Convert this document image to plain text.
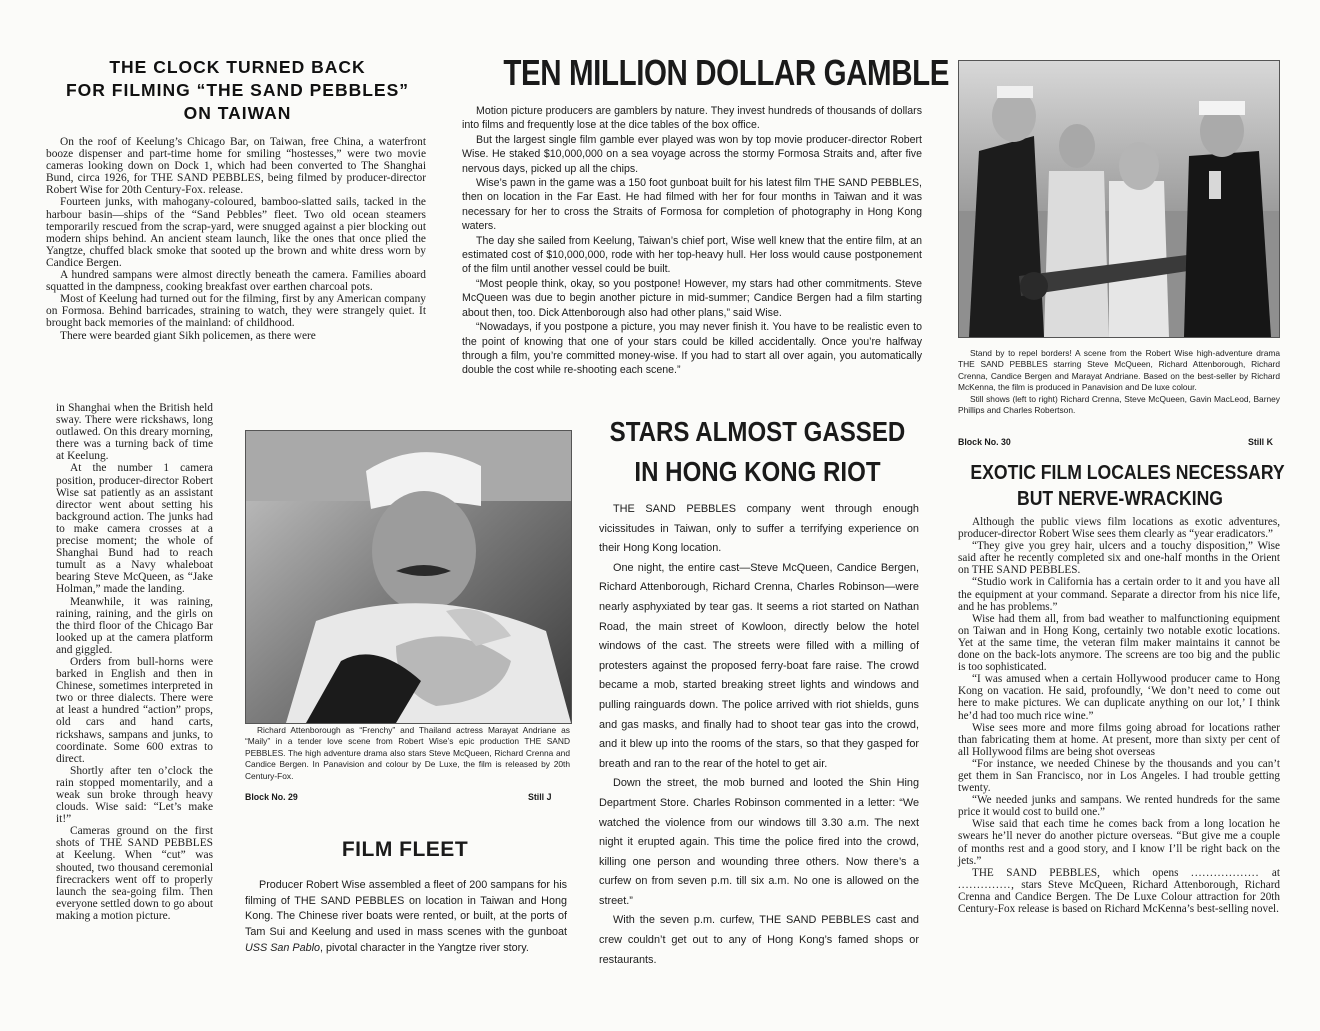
THE CLOCK TURNED BACK
FOR FILMING “THE SAND PEBBLES”
ON TAIWAN

On the roof of Keelung’s Chicago Bar, on Taiwan, free China, a waterfront booze dispenser and part-time home for smiling “hostesses,” were two movie cameras looking down on Dock 1, which had been converted to The Shanghai Bund, circa 1926, for THE SAND PEBBLES, being filmed by producer-director Robert Wise for 20th Century-Fox. release.

Fourteen junks, with mahogany-coloured, bamboo-slatted sails, tacked in the harbour basin—ships of the “Sand Pebbles” fleet. Two old ocean steamers temporarily rescued from the scrap-yard, were snugged against a pier blocking out modern ships behind. An ancient steam launch, like the ones that once plied the Yangtze, chuffed black smoke that sooted up the brown and white dress worn by Candice Bergen.

A hundred sampans were almost directly beneath the camera. Families aboard squatted in the dampness, cooking breakfast over earthen charcoal pots.

Most of Keelung had turned out for the filming, first by any American company on Formosa. Behind barricades, straining to watch, they were strangely quiet. It brought back memories of the mainland: of childhood.

There were bearded giant Sikh policemen, as there were

in Shanghai when the British held sway. There were rickshaws, long outlawed. On this dreary morning, there was a turning back of time at Keelung.

At the number 1 camera position, producer-director Robert Wise sat patiently as an assistant director went about setting his background action. The junks had to make camera crosses at a precise moment; the whole of Shanghai Bund had to reach tumult as a Navy whaleboat bearing Steve McQueen, as “Jake Holman,” made the landing.

Meanwhile, it was raining, raining, raining, and the girls on the third floor of the Chicago Bar looked up at the camera platform and giggled.

Orders from bull-horns were barked in English and then in Chinese, sometimes interpreted in two or three dialects. There were at least a hundred “action” props, old cars and hand carts, rickshaws, sampans and junks, to coordinate. Some 600 extras to direct.

Shortly after ten o’clock the rain stopped momentarily, and a weak sun broke through heavy clouds. Wise said: “Let’s make it!”

Cameras ground on the first shots of THE SAND PEBBLES at Keelung. When “cut” was shouted, two thousand ceremonial firecrackers went off to properly launch the sea-going film. Then everyone settled down to go about making a motion picture.

Richard Attenborough as “Frenchy” and Thailand actress Marayat Andriane as “Maily” in a tender love scene from Robert Wise’s epic production THE SAND PEBBLES. The high adventure drama also stars Steve McQueen, Richard Crenna and Candice Bergen. In Panavision and colour by De Luxe, the film is released by 20th Century-Fox.

Block No. 29	Still J
FILM FLEET

Producer Robert Wise assembled a fleet of 200 sampans for his filming of THE SAND PEBBLES on location in Taiwan and Hong Kong. The Chinese river boats were rented, or built, at the ports of Tam Sui and Keelung and used in mass scenes with the gunboat USS San Pablo, pivotal character in the Yangtze river story.

TEN MILLION DOLLAR GAMBLE

Motion picture producers are gamblers by nature. They invest hundreds of thousands of dollars into films and frequently lose at the dice tables of the box office.

But the largest single film gamble ever played was won by top movie producer-director Robert Wise. He staked $10,000,000 on a sea voyage across the stormy Formosa Straits and, after five nervous days, picked up all the chips.

Wise’s pawn in the game was a 150 foot gunboat built for his latest film THE SAND PEBBLES, then on location in the Far East. He had filmed with her for four months in Taiwan and it was necessary for her to cross the Straits of Formosa for completion of photography in Hong Kong waters.

The day she sailed from Keelung, Taiwan’s chief port, Wise well knew that the entire film, at an estimated cost of $10,000,000, rode with her top-heavy hull. Her loss would cause postponement of the film until another vessel could be built.

“Most people think, okay, so you postpone! However, my stars had other commitments. Steve McQueen was due to begin another picture in mid-summer; Candice Bergen had a film starting about then, too. Dick Attenborough also had other plans,” said Wise.

“Nowadays, if you postpone a picture, you may never finish it. You have to be realistic even to the point of knowing that one of your stars could be killed accidentally. Once you’re halfway through a film, you’re committed money-wise. If you had to start all over again, you automatically double the cost while re-shooting each scene.”

STARS ALMOST GASSED
IN HONG KONG RIOT

THE SAND PEBBLES company went through enough vicissitudes in Taiwan, only to suffer a terrifying experience on their Hong Kong location.

One night, the entire cast—Steve McQueen, Candice Bergen, Richard Attenborough, Richard Crenna, Charles Robinson—were nearly asphyxiated by tear gas. It seems a riot started on Nathan Road, the main street of Kowloon, directly below the hotel windows of the cast. The streets were filled with a milling of protesters against the proposed ferry-boat fare raise. The crowd became a mob, started breaking street lights and windows and pulling rainguards down. The police arrived with riot shields, guns and gas masks, and finally had to shoot tear gas into the crowd, and it blew up into the rooms of the stars, so that they gasped for breath and ran to the rear of the hotel to get air.

Down the street, the mob burned and looted the Shin Hing Department Store. Charles Robinson commented in a letter: “We watched the violence from our windows till 3.30 a.m. The next night it erupted again. This time the police fired into the crowd, killing one person and wounding three others. Now there’s a curfew on from seven p.m. till six a.m. No one is allowed on the street.”

With the seven p.m. curfew, THE SAND PEBBLES cast and crew couldn’t get out to any of Hong Kong’s famed shops or restaurants.

Stand by to repel borders! A scene from the Robert Wise high-adventure drama THE SAND PEBBLES starring Steve McQueen, Richard Attenborough, Richard Crenna, Candice Bergen and Marayat Andriane. Based on the best-seller by Richard McKenna, the film is produced in Panavision and De luxe colour.

Still shows (left to right) Richard Crenna, Steve McQueen, Gavin MacLeod, Barney Phillips and Charles Robertson.

Block No. 30	Still K
EXOTIC FILM LOCALES NECESSARY
BUT NERVE-WRACKING

Although the public views film locations as exotic adventures, producer-director Robert Wise sees them clearly as “year eradicators.”

“They give you grey hair, ulcers and a touchy disposition,” Wise said after he recently completed six and one-half months in the Orient on THE SAND PEBBLES.

“Studio work in California has a certain order to it and you have all the equipment at your command. Separate a director from his nice life, and he has problems.”

Wise had them all, from bad weather to malfunctioning equipment on Taiwan and in Hong Kong, certainly two notable exotic locations. Yet at the same time, the veteran film maker maintains it cannot be done on the back-lots anymore. The screens are too big and the public is too sophisticated.

“I was amused when a certain Hollywood producer came to Hong Kong on vacation. He said, profoundly, ‘We don’t need to come out here to make pictures. We can duplicate anything on our lot,’ I think he’d had too much rice wine.”

Wise sees more and more films going abroad for locations rather than fabricating them at home. At present, more than sixty per cent of all Hollywood films are being shot overseas

“For instance, we needed Chinese by the thousands and you can’t get them in San Francisco, nor in Los Angeles. I had trouble getting twenty.

“We needed junks and sampans. We rented hundreds for the same price it would cost to build one.”

Wise said that each time he comes back from a long location he swears he’ll never do another picture overseas. “But give me a couple of months rest and a good story, and I know I’ll be right back on the jets.”

THE SAND PEBBLES, which opens .................. at .............., stars Steve McQueen, Richard Attenborough, Richard Crenna and Candice Bergen. The De Luxe Colour attraction for 20th Century-Fox release is based on Richard McKenna’s best-selling novel.
